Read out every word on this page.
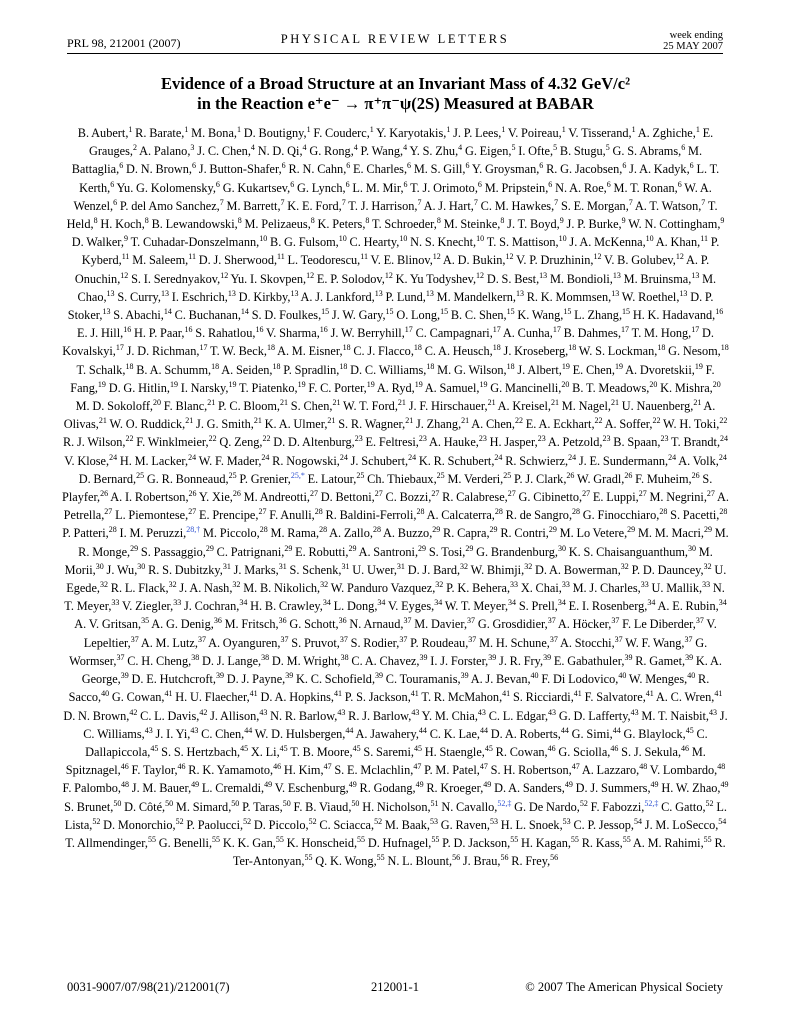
PRL 98, 212001 (2007)	PHYSICAL REVIEW LETTERS	week ending
25 MAY 2007
Evidence of a Broad Structure at an Invariant Mass of 4.32 GeV/c²
in the Reaction e⁺e⁻ → π⁺π⁻ψ(2S) Measured at BABAR
B. Aubert,$^1$ R. Barate,$^1$ M. Bona,$^1$ D. Boutigny,$^1$ F. Couderc,$^1$ Y. Karyotakis,$^1$ J. P. Lees,$^1$ V. Poireau,$^1$ V. Tisserand,$^1$ A. Zghiche,$^1$ E. Grauges,$^2$ A. Palano,$^3$ J. C. Chen,$^4$ N. D. Qi,$^4$ G. Rong,$^4$ P. Wang,$^4$ Y. S. Zhu,$^4$ G. Eigen,$^5$ I. Ofte,$^5$ B. Stugu,$^5$ G. S. Abrams,$^6$ M. Battaglia,$^6$ D. N. Brown,$^6$ J. Button-Shafer,$^6$ R. N. Cahn,$^6$ E. Charles,$^6$ M. S. Gill,$^6$ Y. Groysman,$^6$ R. G. Jacobsen,$^6$ J. A. Kadyk,$^6$ L. T. Kerth,$^6$ Yu. G. Kolomensky,$^6$ G. Kukartsev,$^6$ G. Lynch,$^6$ L. M. Mir,$^6$ T. J. Orimoto,$^6$ M. Pripstein,$^6$ N. A. Roe,$^6$ M. T. Ronan,$^6$ W. A. Wenzel,$^6$ P. del Amo Sanchez,$^7$ M. Barrett,$^7$ K. E. Ford,$^7$ T. J. Harrison,$^7$ A. J. Hart,$^7$ C. M. Hawkes,$^7$ S. E. Morgan,$^7$ A. T. Watson,$^7$ T. Held,$^8$ H. Koch,$^8$ B. Lewandowski,$^8$ M. Pelizaeus,$^8$ K. Peters,$^8$ T. Schroeder,$^8$ M. Steinke,$^8$ J. T. Boyd,$^9$ J. P. Burke,$^9$ W. N. Cottingham,$^9$ D. Walker,$^9$ T. Cuhadar-Donszelmann,$^{10}$ B. G. Fulsom,$^{10}$ C. Hearty,$^{10}$ N. S. Knecht,$^{10}$ T. S. Mattison,$^{10}$ J. A. McKenna,$^{10}$ A. Khan,$^{11}$ P. Kyberd,$^{11}$ M. Saleem,$^{11}$ D. J. Sherwood,$^{11}$ L. Teodorescu,$^{11}$ V. E. Blinov,$^{12}$ A. D. Bukin,$^{12}$ V. P. Druzhinin,$^{12}$ V. B. Golubev,$^{12}$ A. P. Onuchin,$^{12}$ S. I. Serednyakov,$^{12}$ Yu. I. Skovpen,$^{12}$ E. P. Solodov,$^{12}$ K. Yu Todyshev,$^{12}$ D. S. Best,$^{13}$ M. Bondioli,$^{13}$ M. Bruinsma,$^{13}$ M. Chao,$^{13}$ S. Curry,$^{13}$ I. Eschrich,$^{13}$ D. Kirkby,$^{13}$ A. J. Lankford,$^{13}$ P. Lund,$^{13}$ M. Mandelkern,$^{13}$ R. K. Mommsen,$^{13}$ W. Roethel,$^{13}$ D. P. Stoker,$^{13}$ S. Abachi,$^{14}$ C. Buchanan,$^{14}$ S. D. Foulkes,$^{15}$ J. W. Gary,$^{15}$ O. Long,$^{15}$ B. C. Shen,$^{15}$ K. Wang,$^{15}$ L. Zhang,$^{15}$ H. K. Hadavand,$^{16}$ E. J. Hill,$^{16}$ H. P. Paar,$^{16}$ S. Rahatlou,$^{16}$ V. Sharma,$^{16}$ J. W. Berryhill,$^{17}$ C. Campagnari,$^{17}$ A. Cunha,$^{17}$ B. Dahmes,$^{17}$ T. M. Hong,$^{17}$ D. Kovalskyi,$^{17}$ J. D. Richman,$^{17}$ T. W. Beck,$^{18}$ A. M. Eisner,$^{18}$ C. J. Flacco,$^{18}$ C. A. Heusch,$^{18}$ J. Kroseberg,$^{18}$ W. S. Lockman,$^{18}$ G. Nesom,$^{18}$ T. Schalk,$^{18}$ B. A. Schumm,$^{18}$ A. Seiden,$^{18}$ P. Spradlin,$^{18}$ D. C. Williams,$^{18}$ M. G. Wilson,$^{18}$ J. Albert,$^{19}$ E. Chen,$^{19}$ A. Dvoretskii,$^{19}$ F. Fang,$^{19}$ D. G. Hitlin,$^{19}$ I. Narsky,$^{19}$ T. Piatenko,$^{19}$ F. C. Porter,$^{19}$ A. Ryd,$^{19}$ A. Samuel,$^{19}$ G. Mancinelli,$^{20}$ B. T. Meadows,$^{20}$ K. Mishra,$^{20}$ M. D. Sokoloff,$^{20}$ F. Blanc,$^{21}$ P. C. Bloom,$^{21}$ S. Chen,$^{21}$ W. T. Ford,$^{21}$ J. F. Hirschauer,$^{21}$ A. Kreisel,$^{21}$ M. Nagel,$^{21}$ U. Nauenberg,$^{21}$ A. Olivas,$^{21}$ W. O. Ruddick,$^{21}$ J. G. Smith,$^{21}$ K. A. Ulmer,$^{21}$ S. R. Wagner,$^{21}$ J. Zhang,$^{21}$ A. Chen,$^{22}$ E. A. Eckhart,$^{22}$ A. Soffer,$^{22}$ W. H. Toki,$^{22}$ R. J. Wilson,$^{22}$ F. Winklmeier,$^{22}$ Q. Zeng,$^{22}$ D. D. Altenburg,$^{23}$ E. Feltresi,$^{23}$ A. Hauke,$^{23}$ H. Jasper,$^{23}$ A. Petzold,$^{23}$ B. Spaan,$^{23}$ T. Brandt,$^{24}$ V. Klose,$^{24}$ H. M. Lacker,$^{24}$ W. F. Mader,$^{24}$ R. Nogowski,$^{24}$ J. Schubert,$^{24}$ K. R. Schubert,$^{24}$ R. Schwierz,$^{24}$ J. E. Sundermann,$^{24}$ A. Volk,$^{24}$ D. Bernard,$^{25}$ G. R. Bonneaud,$^{25}$ P. Grenier,$^{25,*}$ E. Latour,$^{25}$ Ch. Thiebaux,$^{25}$ M. Verderi,$^{25}$ P. J. Clark,$^{26}$ W. Gradl,$^{26}$ F. Muheim,$^{26}$ S. Playfer,$^{26}$ A. I. Robertson,$^{26}$ Y. Xie,$^{26}$ M. Andreotti,$^{27}$ D. Bettoni,$^{27}$ C. Bozzi,$^{27}$ R. Calabrese,$^{27}$ G. Cibinetto,$^{27}$ E. Luppi,$^{27}$ M. Negrini,$^{27}$ A. Petrella,$^{27}$ L. Piemontese,$^{27}$ E. Prencipe,$^{27}$ F. Anulli,$^{28}$ R. Baldini-Ferroli,$^{28}$ A. Calcaterra,$^{28}$ R. de Sangro,$^{28}$ G. Finocchiaro,$^{28}$ S. Pacetti,$^{28}$ P. Patteri,$^{28}$ I. M. Peruzzi,$^{28,\dagger}$ M. Piccolo,$^{28}$ M. Rama,$^{28}$ A. Zallo,$^{28}$ A. Buzzo,$^{29}$ R. Capra,$^{29}$ R. Contri,$^{29}$ M. Lo Vetere,$^{29}$ M. M. Macri,$^{29}$ M. R. Monge,$^{29}$ S. Passaggio,$^{29}$ C. Patrignani,$^{29}$ E. Robutti,$^{29}$ A. Santroni,$^{29}$ S. Tosi,$^{29}$ G. Brandenburg,$^{30}$ K. S. Chaisanguanthum,$^{30}$ M. Morii,$^{30}$ J. Wu,$^{30}$ R. S. Dubitzky,$^{31}$ J. Marks,$^{31}$ S. Schenk,$^{31}$ U. Uwer,$^{31}$ D. J. Bard,$^{32}$ W. Bhimji,$^{32}$ D. A. Bowerman,$^{32}$ P. D. Dauncey,$^{32}$ U. Egede,$^{32}$ R. L. Flack,$^{32}$ J. A. Nash,$^{32}$ M. B. Nikolich,$^{32}$ W. Panduro Vazquez,$^{32}$ P. K. Behera,$^{33}$ X. Chai,$^{33}$ M. J. Charles,$^{33}$ U. Mallik,$^{33}$ N. T. Meyer,$^{33}$ V. Ziegler,$^{33}$ J. Cochran,$^{34}$ H. B. Crawley,$^{34}$ L. Dong,$^{34}$ V. Eyges,$^{34}$ W. T. Meyer,$^{34}$ S. Prell,$^{34}$ E. I. Rosenberg,$^{34}$ A. E. Rubin,$^{34}$ A. V. Gritsan,$^{35}$ A. G. Denig,$^{36}$ M. Fritsch,$^{36}$ G. Schott,$^{36}$ N. Arnaud,$^{37}$ M. Davier,$^{37}$ G. Grosdidier,$^{37}$ A. Höcker,$^{37}$ F. Le Diberder,$^{37}$ V. Lepeltier,$^{37}$ A. M. Lutz,$^{37}$ A. Oyanguren,$^{37}$ S. Pruvot,$^{37}$ S. Rodier,$^{37}$ P. Roudeau,$^{37}$ M. H. Schune,$^{37}$ A. Stocchi,$^{37}$ W. F. Wang,$^{37}$ G. Wormser,$^{37}$ C. H. Cheng,$^{38}$ D. J. Lange,$^{38}$ D. M. Wright,$^{38}$ C. A. Chavez,$^{39}$ I. J. Forster,$^{39}$ J. R. Fry,$^{39}$ E. Gabathuler,$^{39}$ R. Gamet,$^{39}$ K. A. George,$^{39}$ D. E. Hutchcroft,$^{39}$ D. J. Payne,$^{39}$ K. C. Schofield,$^{39}$ C. Touramanis,$^{39}$ A. J. Bevan,$^{40}$ F. Di Lodovico,$^{40}$ W. Menges,$^{40}$ R. Sacco,$^{40}$ G. Cowan,$^{41}$ H. U. Flaecher,$^{41}$ D. A. Hopkins,$^{41}$ P. S. Jackson,$^{41}$ T. R. McMahon,$^{41}$ S. Ricciardi,$^{41}$ F. Salvatore,$^{41}$ A. C. Wren,$^{41}$ D. N. Brown,$^{42}$ C. L. Davis,$^{42}$ J. Allison,$^{43}$ N. R. Barlow,$^{43}$ R. J. Barlow,$^{43}$ Y. M. Chia,$^{43}$ C. L. Edgar,$^{43}$ G. D. Lafferty,$^{43}$ M. T. Naisbit,$^{43}$ J. C. Williams,$^{43}$ J. I. Yi,$^{43}$ C. Chen,$^{44}$ W. D. Hulsbergen,$^{44}$ A. Jawahery,$^{44}$ C. K. Lae,$^{44}$ D. A. Roberts,$^{44}$ G. Simi,$^{44}$ G. Blaylock,$^{45}$ C. Dallapiccola,$^{45}$ S. S. Hertzbach,$^{45}$ X. Li,$^{45}$ T. B. Moore,$^{45}$ S. Saremi,$^{45}$ H. Staengle,$^{45}$ R. Cowan,$^{46}$ G. Sciolla,$^{46}$ S. J. Sekula,$^{46}$ M. Spitznagel,$^{46}$ F. Taylor,$^{46}$ R. K. Yamamoto,$^{46}$ H. Kim,$^{47}$ S. E. Mclachlin,$^{47}$ P. M. Patel,$^{47}$ S. H. Robertson,$^{47}$ A. Lazzaro,$^{48}$ V. Lombardo,$^{48}$ F. Palombo,$^{48}$ J. M. Bauer,$^{49}$ L. Cremaldi,$^{49}$ V. Eschenburg,$^{49}$ R. Godang,$^{49}$ R. Kroeger,$^{49}$ D. A. Sanders,$^{49}$ D. J. Summers,$^{49}$ H. W. Zhao,$^{49}$ S. Brunet,$^{50}$ D. Côté,$^{50}$ M. Simard,$^{50}$ P. Taras,$^{50}$ F. B. Viaud,$^{50}$ H. Nicholson,$^{51}$ N. Cavallo,$^{52,\ddagger}$ G. De Nardo,$^{52}$ F. Fabozzi,$^{52,\ddagger}$ C. Gatto,$^{52}$ L. Lista,$^{52}$ D. Monorchio,$^{52}$ P. Paolucci,$^{52}$ D. Piccolo,$^{52}$ C. Sciacca,$^{52}$ M. Baak,$^{53}$ G. Raven,$^{53}$ H. L. Snoek,$^{53}$ C. P. Jessop,$^{54}$ J. M. LoSecco,$^{54}$ T. Allmendinger,$^{55}$ G. Benelli,$^{55}$ K. K. Gan,$^{55}$ K. Honscheid,$^{55}$ D. Hufnagel,$^{55}$ P. D. Jackson,$^{55}$ H. Kagan,$^{55}$ R. Kass,$^{55}$ A. M. Rahimi,$^{55}$ R. Ter-Antonyan,$^{55}$ Q. K. Wong,$^{55}$ N. L. Blount,$^{56}$ J. Brau,$^{56}$ R. Frey,$^{56}$
0031-9007/07/98(21)/212001(7)	212001-1	© 2007 The American Physical Society
